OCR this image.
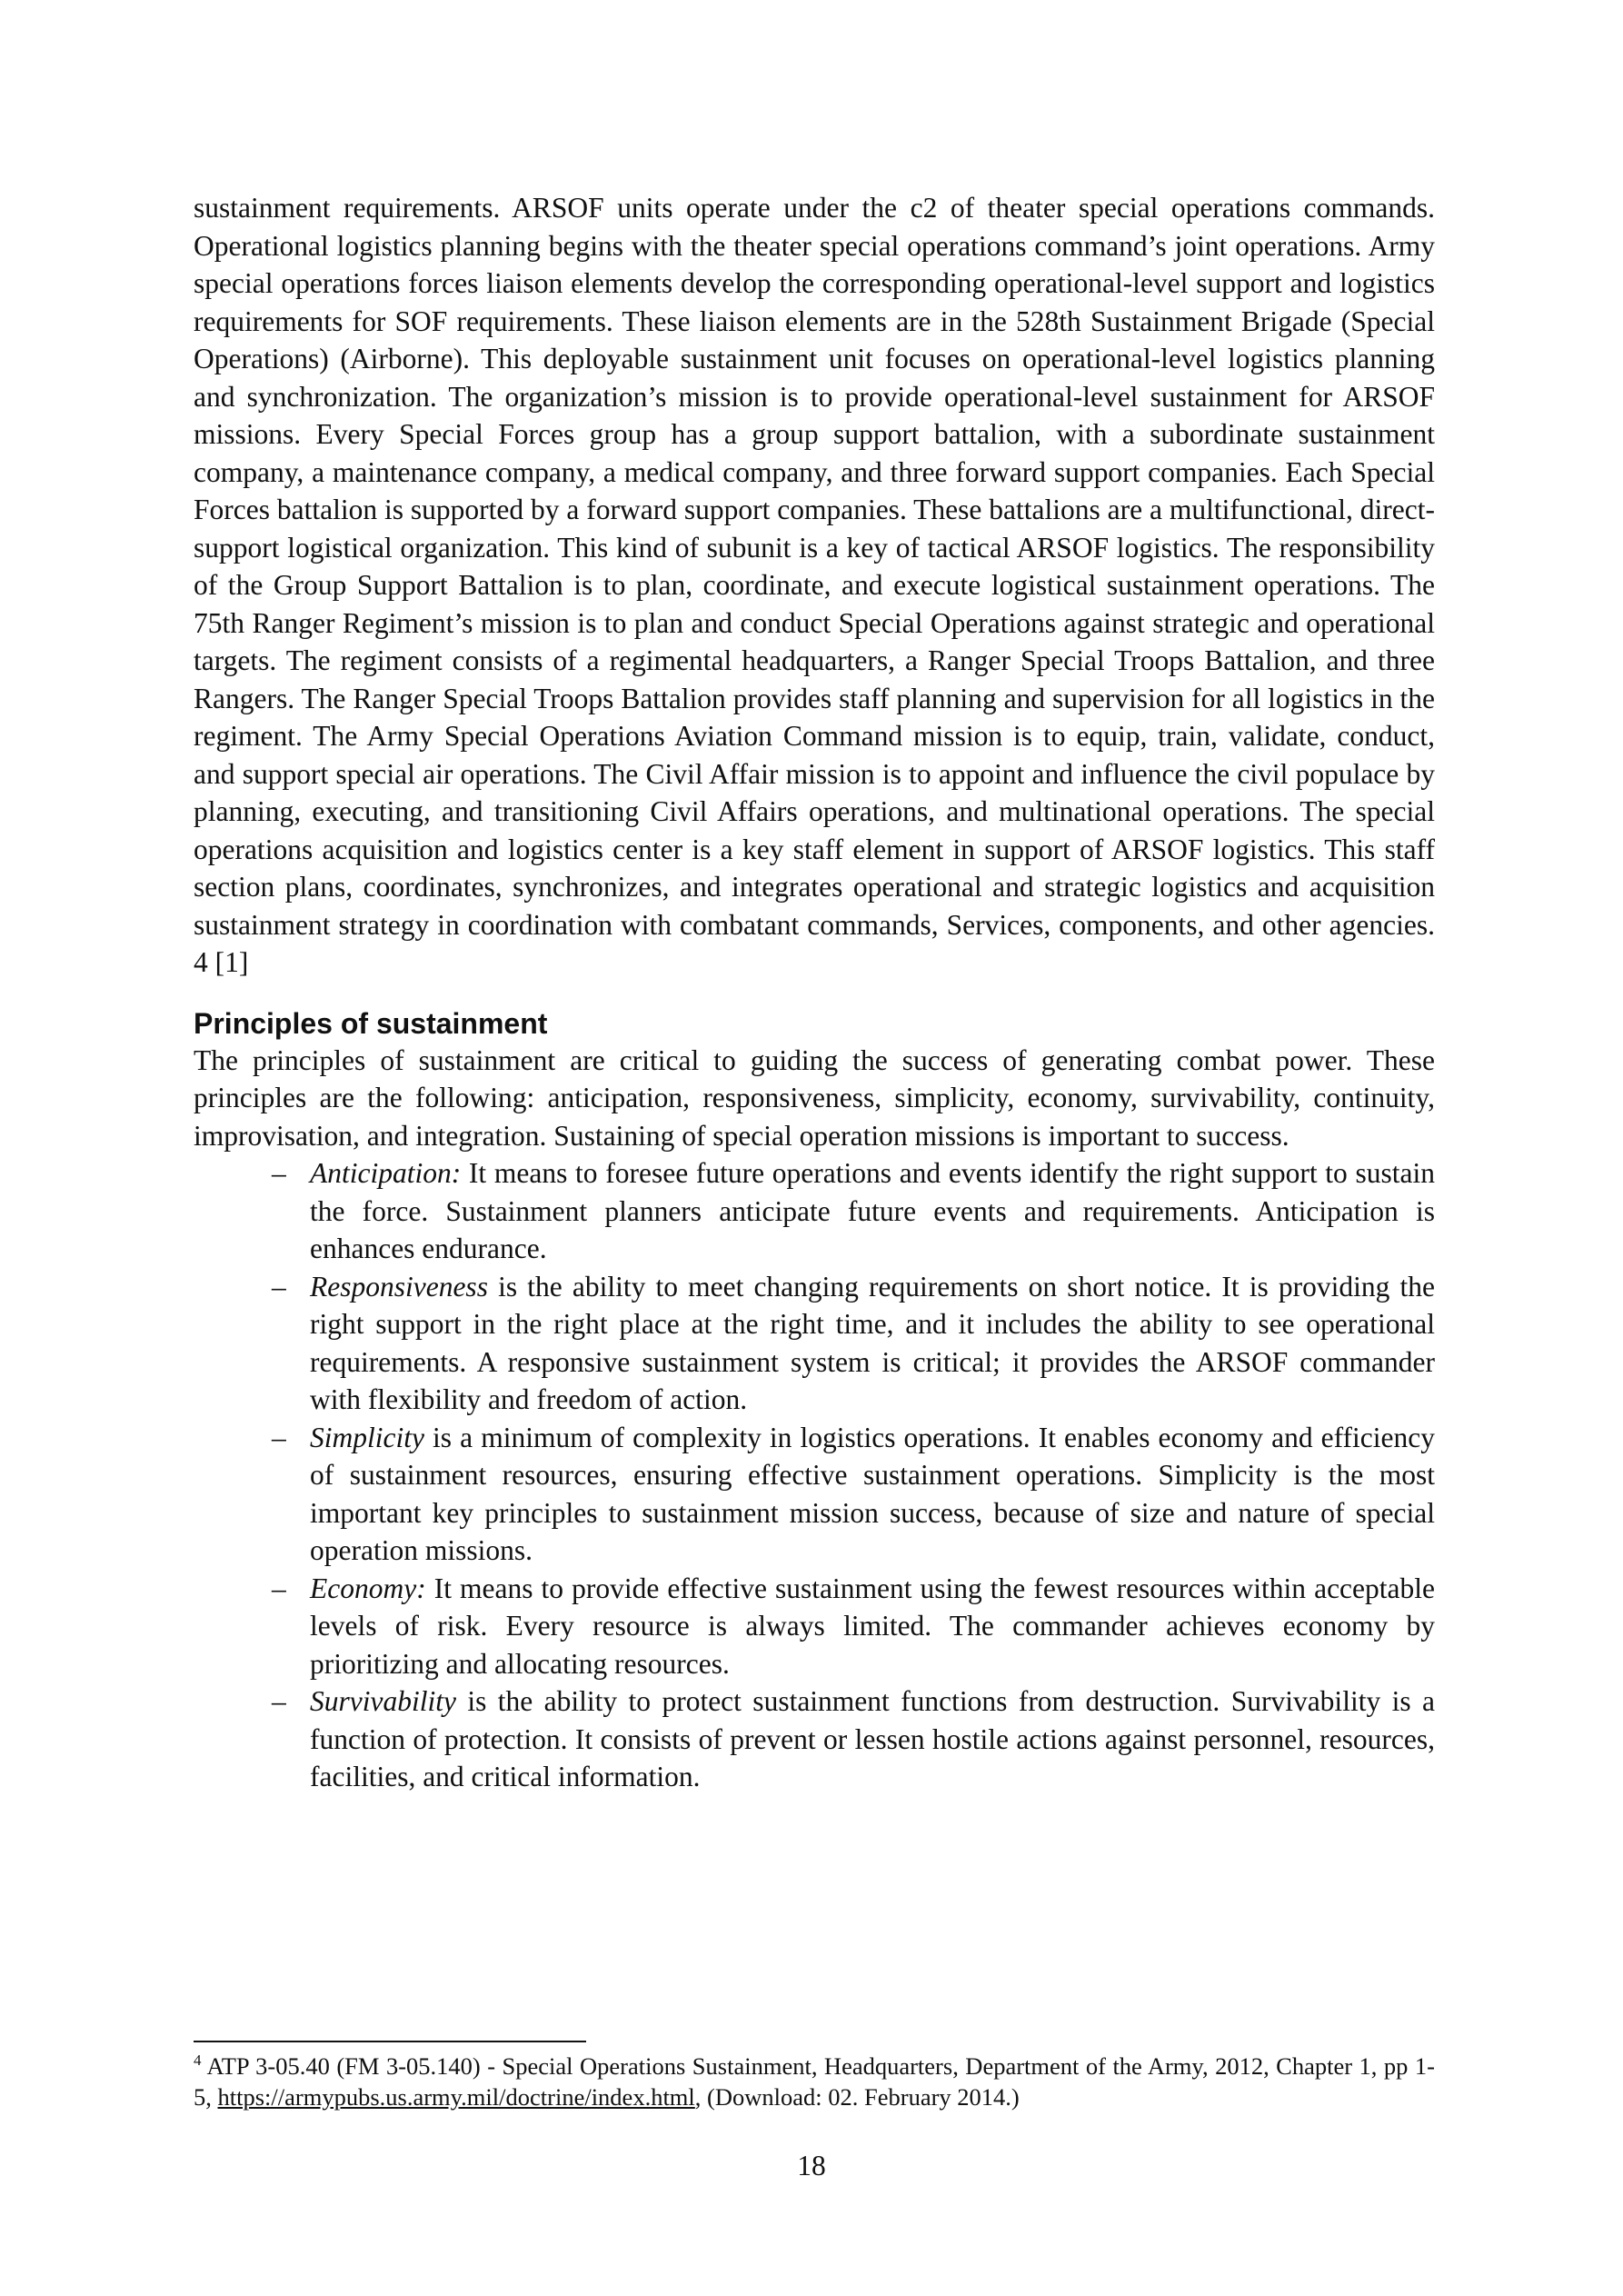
sustainment requirements. ARSOF units operate under the c2 of theater special operations commands. Operational logistics planning begins with the theater special operations command’s joint operations. Army special operations forces liaison elements develop the corresponding operational-level support and logistics requirements for SOF requirements. These liaison elements are in the 528th Sustainment Brigade (Special Operations) (Airborne). This deployable sustainment unit focuses on operational-level logistics planning and synchronization. The organization’s mission is to provide operational-level sustainment for ARSOF missions. Every Special Forces group has a group support battalion, with a subordinate sustainment company, a maintenance company, a medical company, and three forward support companies. Each Special Forces battalion is supported by a forward support companies. These battalions are a multifunctional, direct-support logistical organization. This kind of subunit is a key of tactical ARSOF logistics. The responsibility of the Group Support Battalion is to plan, coordinate, and execute logistical sustainment operations. The 75th Ranger Regiment’s mission is to plan and conduct Special Operations against strategic and operational targets. The regiment consists of a regimental headquarters, a Ranger Special Troops Battalion, and three Rangers. The Ranger Special Troops Battalion provides staff planning and supervision for all logistics in the regiment. The Army Special Operations Aviation Command mission is to equip, train, validate, conduct, and support special air operations. The Civil Affair mission is to appoint and influence the civil populace by planning, executing, and transitioning Civil Affairs operations, and multinational operations. The special operations acquisition and logistics center is a key staff element in support of ARSOF logistics. This staff section plans, coordinates, synchronizes, and integrates operational and strategic logistics and acquisition sustainment strategy in coordination with combatant commands, Services, components, and other agencies. 4 [1]

Principles of sustainment

The principles of sustainment are critical to guiding the success of generating combat power. These principles are the following: anticipation, responsiveness, simplicity, economy, survivability, continuity, improvisation, and integration. Sustaining of special operation missions is important to success.

– Anticipation: It means to foresee future operations and events identify the right support to sustain the force. Sustainment planners anticipate future events and requirements. Anticipation is enhances endurance.
– Responsiveness is the ability to meet changing requirements on short notice. It is providing the right support in the right place at the right time, and it includes the ability to see operational requirements. A responsive sustainment system is critical; it provides the ARSOF commander with flexibility and freedom of action.
– Simplicity is a minimum of complexity in logistics operations. It enables economy and efficiency of sustainment resources, ensuring effective sustainment operations. Simplicity is the most important key principles to sustainment mission success, because of size and nature of special operation missions.
– Economy: It means to provide effective sustainment using the fewest resources within acceptable levels of risk. Every resource is always limited. The commander achieves economy by prioritizing and allocating resources.
– Survivability is the ability to protect sustainment functions from destruction. Survivability is a function of protection. It consists of prevent or lessen hostile actions against personnel, resources, facilities, and critical information.

$^4$ ATP 3-05.40 (FM 3-05.140) - Special Operations Sustainment, Headquarters, Department of the Army, 2012, Chapter 1, pp 1-5, https://armypubs.us.army.mil/doctrine/index.html, (Download: 02. February 2014.)

18
